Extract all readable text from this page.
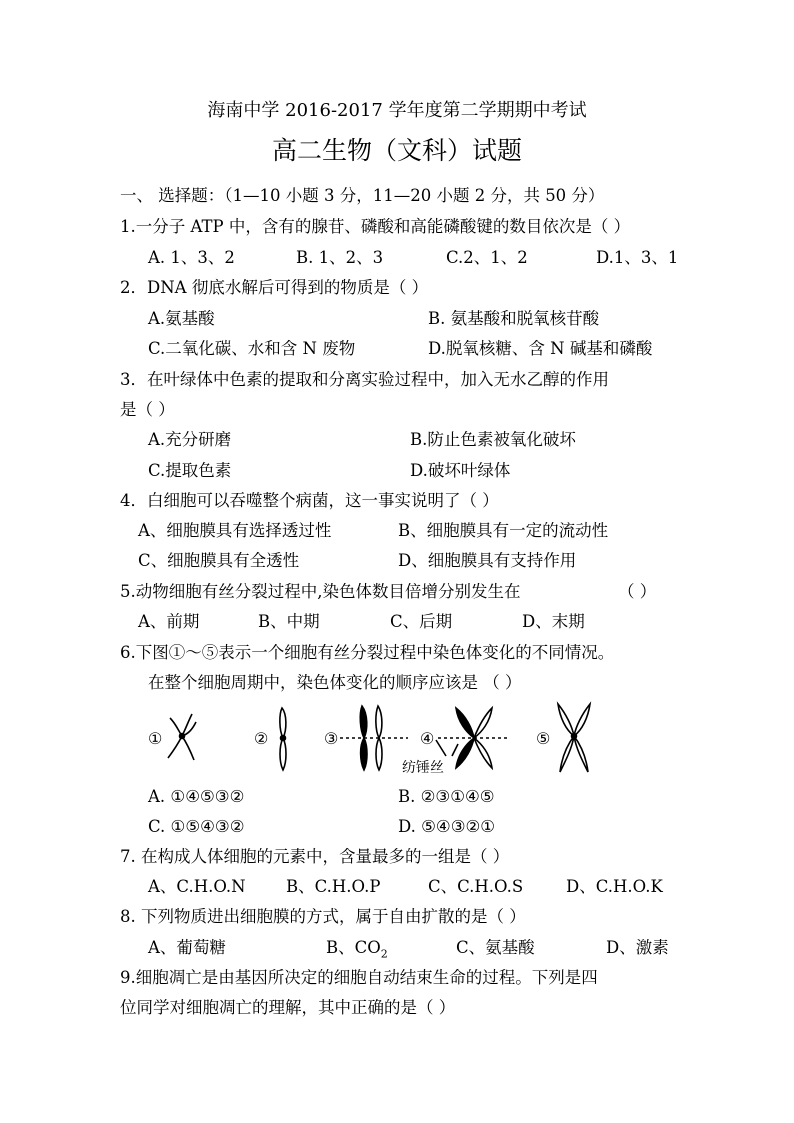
海南中学 2016-2017 学年度第二学期期中考试
高二生物（文科）试题
一、 选择题：（1—10 小题 3 分，11—20 小题 2 分，共 50 分）
1.一分子 ATP 中，含有的腺苷、磷酸和高能磷酸键的数目依次是（ ）
A. 1、3、2	B. 1、2、3	C.2、1、2	D.1、3、1
2．DNA 彻底水解后可得到的物质是（ ）
A.氨基酸	B. 氨基酸和脱氧核苷酸
C.二氧化碳、水和含 N 废物	D.脱氧核糖、含 N 碱基和磷酸
3．在叶绿体中色素的提取和分离实验过程中，加入无水乙醇的作用
是（ ）
A.充分研磨	B.防止色素被氧化破坏
C.提取色素	D.破坏叶绿体
4．白细胞可以吞噬整个病菌，这一事实说明了（ ）
A、细胞膜具有选择透过性	B、细胞膜具有一定的流动性
C、细胞膜具有全透性	D、细胞膜具有支持作用
5.动物细胞有丝分裂过程中,染色体数目倍增分别发生在	（ ）
A、前期	B、中期	C、后期	D、末期
6.下图①～⑤表示一个细胞有丝分裂过程中染色体变化的不同情况。
在整个细胞周期中，染色体变化的顺序应该是 （ ）
①	②	③	④
纺锤丝
⑤
A. ①④⑤③②	B. ②③①④⑤
C. ①⑤④③②	D. ⑤④③②①
7. 在构成人体细胞的元素中，含量最多的一组是（ ）
A、C.H.O.N B、C.H.O.P	C、C.H.O.S	D、C.H.O.K
8. 下列物质进出细胞膜的方式，属于自由扩散的是（ ）
A、葡萄糖	B、$CO_2$	C、氨基酸	D、激素
9.细胞凋亡是由基因所决定的细胞自动结束生命的过程。下列是四
位同学对细胞凋亡的理解，其中正确的是（ ）
